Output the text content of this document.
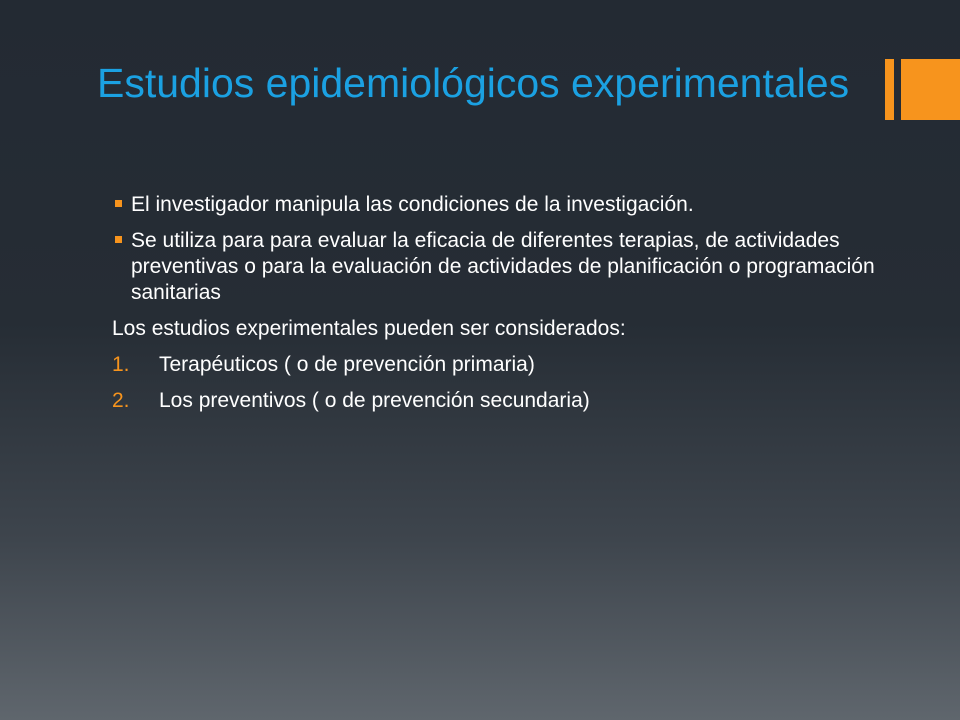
Estudios epidemiológicos experimentales
El investigador manipula las condiciones de la investigación.
Se utiliza para para evaluar la eficacia de diferentes terapias, de actividades preventivas o para la evaluación de actividades de planificación o programación sanitarias
Los estudios experimentales pueden ser considerados:
1. Terapéuticos ( o de prevención primaria)
2. Los preventivos ( o de prevención secundaria)
